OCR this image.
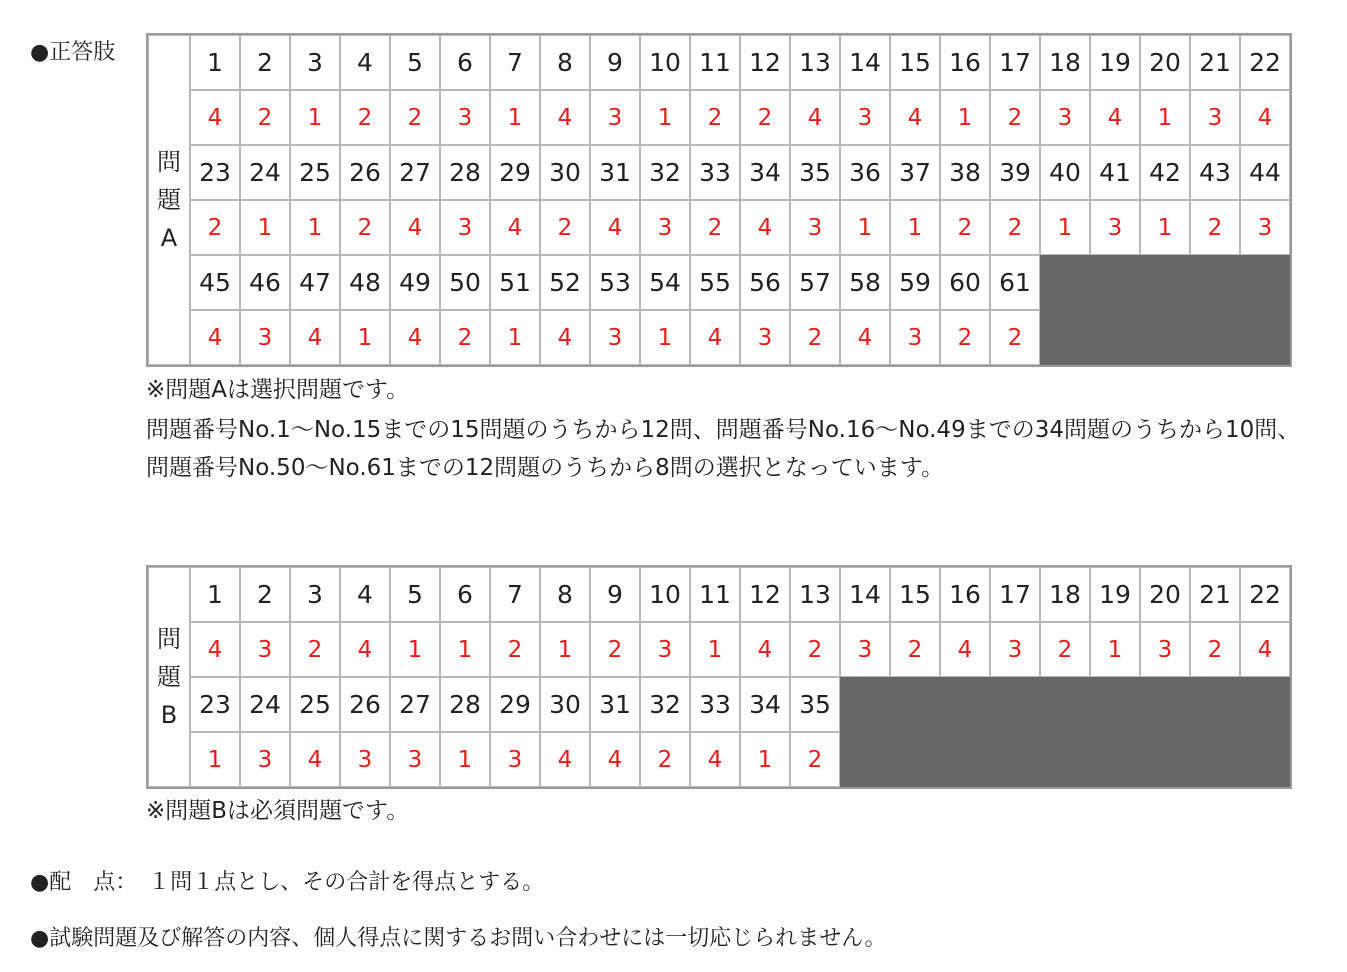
●正答肢
問
題
A	1	2	3	4	5	6	7	8	9	10	11	12	13	14	15	16	17	18	19	20	21	22
	4	2	1	2	2	3	1	4	3	1	2	2	4	3	4	1	2	3	4	1	3	4
	23	24	25	26	27	28	29	30	31	32	33	34	35	36	37	38	39	40	41	42	43	44
	2	1	1	2	4	3	4	2	4	3	2	4	3	1	1	2	2	1	3	1	2	3
	45	46	47	48	49	50	51	52	53	54	55	56	57	58	59	60	61					
	4	3	4	1	4	2	1	4	3	1	4	3	2	4	3	2	2					
※問題Aは選択問題です。
問題番号No.1～No.15までの15問題のうちから12問、問題番号No.16～No.49までの34問題のうちから10問、問題番号No.50～No.61までの12問題のうちから8問の選択となっています。
問
題
B	1	2	3	4	5	6	7	8	9	10	11	12	13	14	15	16	17	18	19	20	21	22
	4	3	2	4	1	1	2	1	2	3	1	4	2	3	2	4	3	2	1	3	2	4
	23	24	25	26	27	28	29	30	31	32	33	34	35									
	1	3	4	3	3	1	3	4	4	2	4	1	2									
※問題Bは必須問題です。
●配　点：　１問１点とし、その合計を得点とする。
●試験問題及び解答の内容、個人得点に関するお問い合わせには一切応じられません。
